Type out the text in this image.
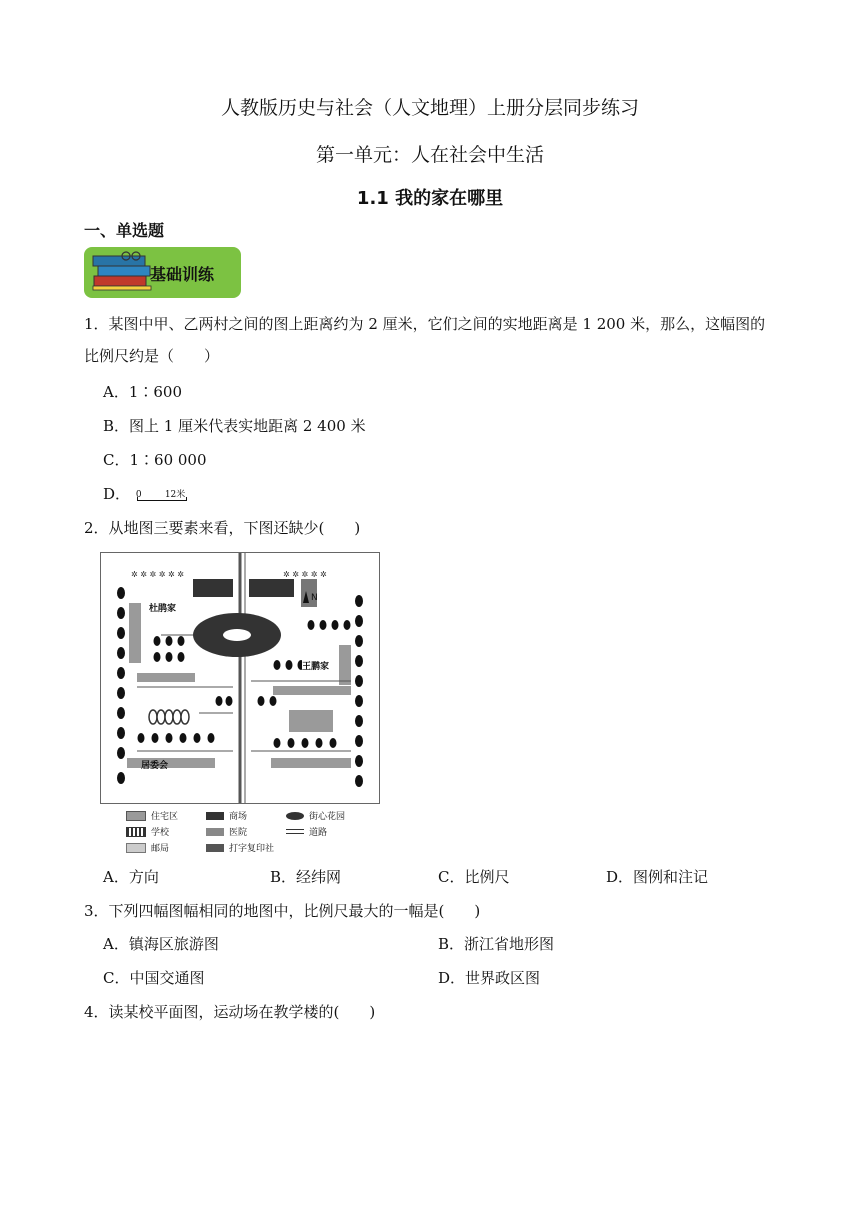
人教版历史与社会（人文地理）上册分层同步练习
第一单元：人在社会中生活
1.1 我的家在哪里
一、单选题
基础训练
1．某图中甲、乙两村之间的图上距离约为 2 厘米，它们之间的实地距离是 1 200 米，那么，这幅图的
比例尺约是（　　）
A．1∶600
B．图上 1 厘米代表实地距离 2 400 米
C．1∶60 000
D． 0	12米
2．从地图三要素来看，下图还缺少(　　)
✲ ✲ ✲ ✲ ✲ ✲	✲ ✲ ✲ ✲ ✲
N
杜鹃家
王鹏家
居委会
住宅区	商场	街心花园
学校	医院	道路
邮局	打字复印社
A．方向	B．经纬网	C．比例尺	D．图例和注记
3．下列四幅图幅相同的地图中，比例尺最大的一幅是(　　)
A．镇海区旅游图	B．浙江省地形图
C．中国交通图	D．世界政区图
4．读某校平面图，运动场在教学楼的(　　)
